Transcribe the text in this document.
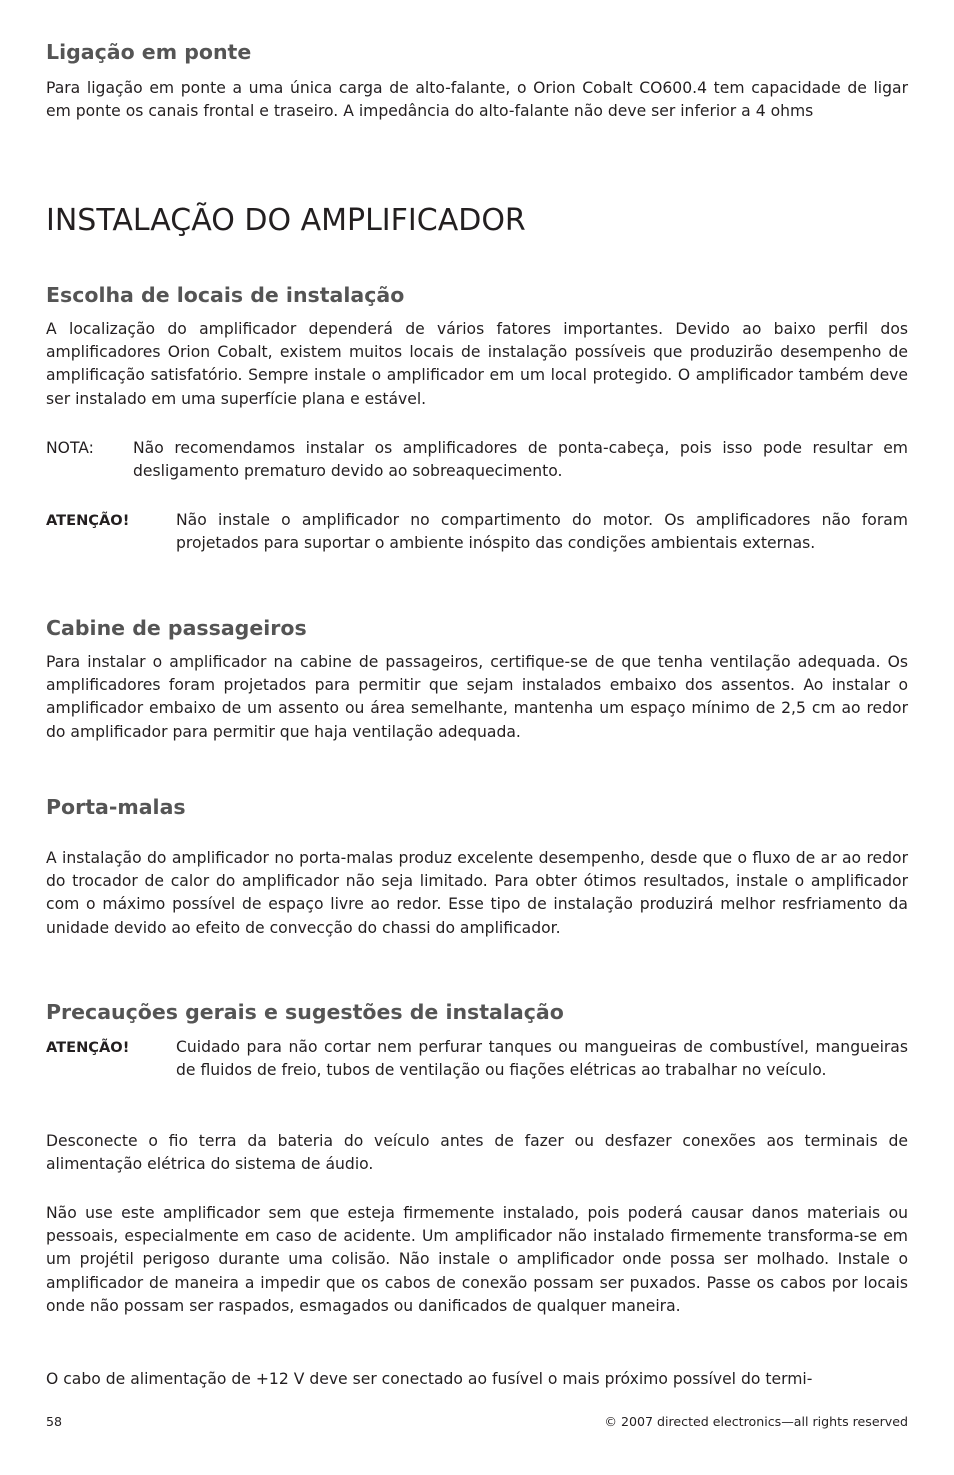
Ligação em ponte

Para ligação em ponte a uma única carga de alto-falante, o Orion Cobalt CO600.4 tem capacidade de ligar em ponte os canais frontal e traseiro. A impedância do alto-falante não deve ser inferior a 4 ohms

INSTALAÇÃO DO AMPLIFICADOR
Escolha de locais de instalação

A localização do amplificador dependerá de vários fatores importantes. Devido ao baixo perfil dos amplificadores Orion Cobalt, existem muitos locais de instalação possíveis que produzirão desempenho de amplificação satisfatório. Sempre instale o amplificador em um local protegido. O amplificador também deve ser instalado em uma superfície plana e estável.

NOTA:	Não recomendamos instalar os amplificadores de ponta-cabeça, pois isso pode resultar em desligamento prematuro devido ao sobreaquecimento.
ATENÇÃO!	Não instale o amplificador no compartimento do motor. Os amplificadores não foram projetados para suportar o ambiente inóspito das condições ambientais externas.
Cabine de passageiros

Para instalar o amplificador na cabine de passageiros, certifique-se de que tenha ventilação adequada. Os amplificadores foram projetados para permitir que sejam instalados embaixo dos assentos. Ao instalar o amplificador embaixo de um assento ou área semelhante, mantenha um espaço mínimo de 2,5 cm ao redor do amplificador para permitir que haja ventilação adequada.

Porta-malas

A instalação do amplificador no porta-malas produz excelente desempenho, desde que o fluxo de ar ao redor do trocador de calor do amplificador não seja limitado. Para obter ótimos resultados, instale o amplificador com o máximo possível de espaço livre ao redor. Esse tipo de instalação produzirá melhor resfriamento da unidade devido ao efeito de convecção do chassi do amplificador.

Precauções gerais e sugestões de instalação
ATENÇÃO!	Cuidado para não cortar nem perfurar tanques ou mangueiras de combustível, mangueiras de fluidos de freio, tubos de ventilação ou fiações elétricas ao trabalhar no veículo.

Desconecte o fio terra da bateria do veículo antes de fazer ou desfazer conexões aos terminais de alimentação elétrica do sistema de áudio.

Não use este amplificador sem que esteja firmemente instalado, pois poderá causar danos materiais ou pessoais, especialmente em caso de acidente. Um amplificador não instalado firmemente transforma-se em um projétil perigoso durante uma colisão. Não instale o amplificador onde possa ser molhado. Instale o amplificador de maneira a impedir que os cabos de conexão possam ser puxados. Passe os cabos por locais onde não possam ser raspados, esmagados ou danificados de qualquer maneira.

O cabo de alimentação de +12 V deve ser conectado ao fusível o mais próximo possível do termi-

58	© 2007 directed electronics—all rights reserved
